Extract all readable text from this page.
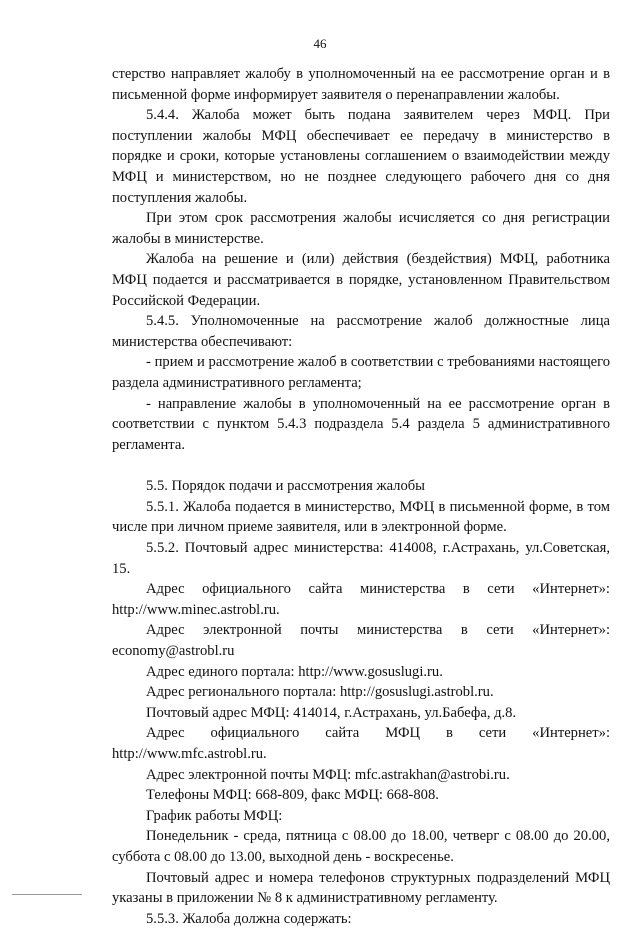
46

стерство направляет жалобу в уполномоченный на ее рассмотрение орган и в письменной форме информирует заявителя о перенаправлении жалобы.

5.4.4. Жалоба может быть подана заявителем через МФЦ. При поступлении жалобы МФЦ обеспечивает ее передачу в министерство в порядке и сроки, которые установлены соглашением о взаимодействии между МФЦ и министерством, но не позднее следующего рабочего дня со дня поступления жалобы.

При этом срок рассмотрения жалобы исчисляется со дня регистрации жалобы в министерстве.

Жалоба на решение и (или) действия (бездействия) МФЦ, работника МФЦ подается и рассматривается в порядке, установленном Правительством Российской Федерации.

5.4.5. Уполномоченные на рассмотрение жалоб должностные лица министерства обеспечивают:

- прием и рассмотрение жалоб в соответствии с требованиями настоящего раздела административного регламента;

- направление жалобы в уполномоченный на ее рассмотрение орган в соответствии с пунктом 5.4.3 подраздела 5.4 раздела 5 административного регламента.

5.5. Порядок подачи и рассмотрения жалобы

5.5.1. Жалоба подается в министерство, МФЦ в письменной форме, в том числе при личном приеме заявителя, или в электронной форме.

5.5.2. Почтовый адрес министерства: 414008, г.Астрахань, ул.Советская, 15.

Адрес официального сайта министерства в сети «Интернет»: http://www.minec.astrobl.ru.

Адрес электронной почты министерства в сети «Интернет»: economy@astrobl.ru

Адрес единого портала: http://www.gosuslugi.ru.

Адрес регионального портала: http://gosuslugi.astrobl.ru.

Почтовый адрес МФЦ: 414014, г.Астрахань, ул.Бабефа, д.8.

Адрес официального сайта МФЦ в сети «Интернет»: http://www.mfc.astrobl.ru.

Адрес электронной почты МФЦ: mfc.astrakhan@astrobi.ru.

Телефоны МФЦ: 668-809, факс МФЦ: 668-808.

График работы МФЦ:

Понедельник - среда, пятница с 08.00 до 18.00, четверг с 08.00 до 20.00, суббота с 08.00 до 13.00, выходной день - воскресенье.

Почтовый адрес и номера телефонов структурных подразделений МФЦ указаны в приложении № 8 к административному регламенту.

5.5.3. Жалоба должна содержать:
